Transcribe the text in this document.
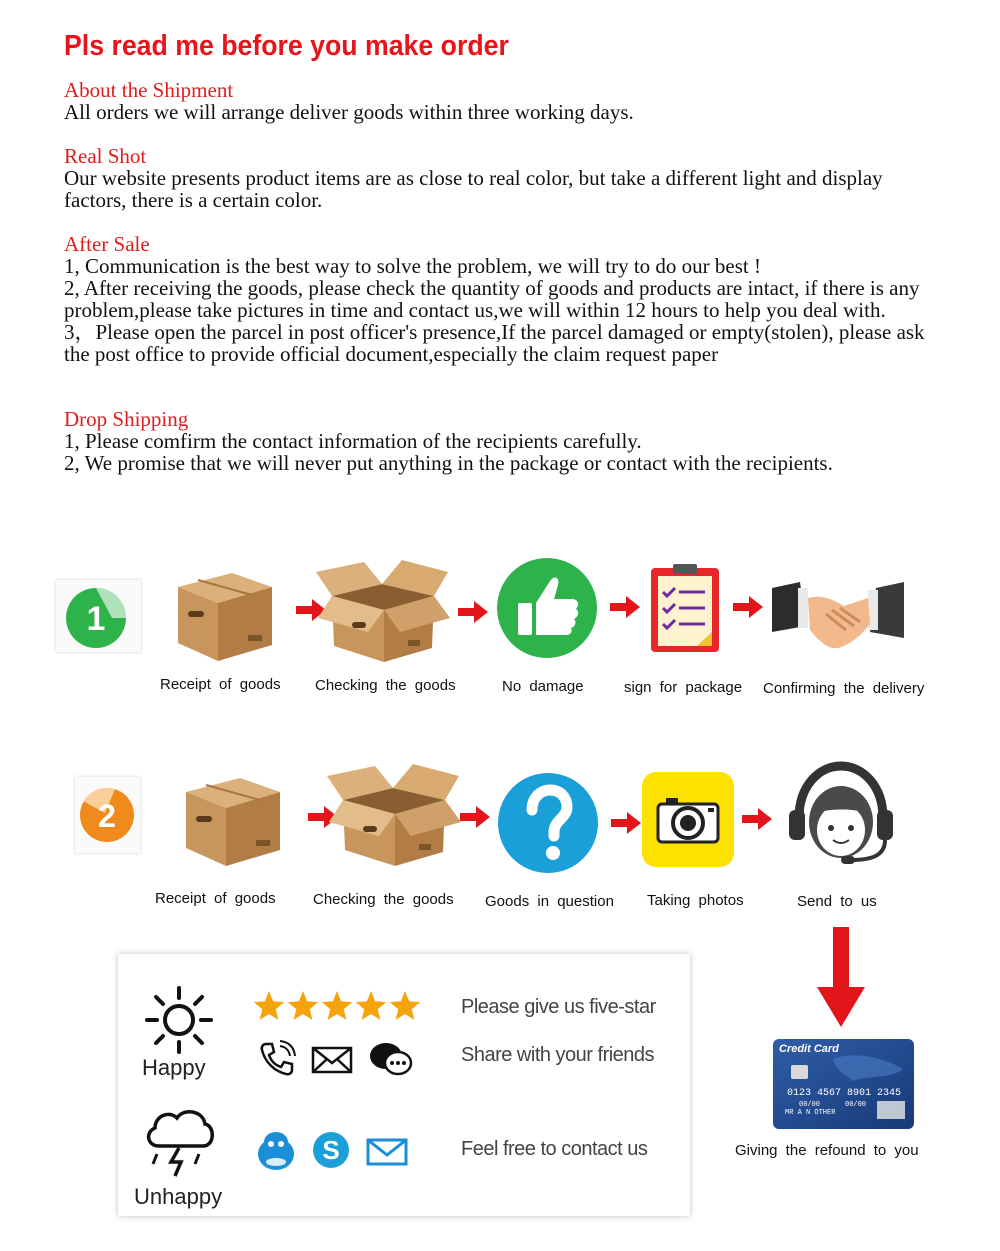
Pls read me before you make order
About the Shipment

All orders we will arrange deliver goods within three working days.

Real Shot

Our website presents product items are as close to real color, but take a different light and display factors, there is a certain color.

After Sale

1, Communication is the best way to solve the problem, we will try to do our best !

2, After receiving the goods, please check the quantity of goods and products are intact, if there is any problem,please take pictures in time and contact us,we will within 12 hours to help you deal with.

3，Please open the parcel in post officer's presence,If the parcel damaged or empty(stolen), please ask the post office to provide official document,especially the claim request paper

Drop Shipping

1, Please comfirm the contact information of the recipients carefully.

2, We promise that we will never put anything in the package or contact with the recipients.

1
Receipt of goods Checking the goods	No damage	sign for package Confirming the delivery
2
Receipt of goods Checking the goods Goods in question Taking photos	Send to us
Credit Card
0123 4567 8901 2345
00/00	00/00
MR A N OTHER
Giving the refound to you
Happy
Please give us five-star
Share with your friends
Unhappy
S	Feel free to contact us
